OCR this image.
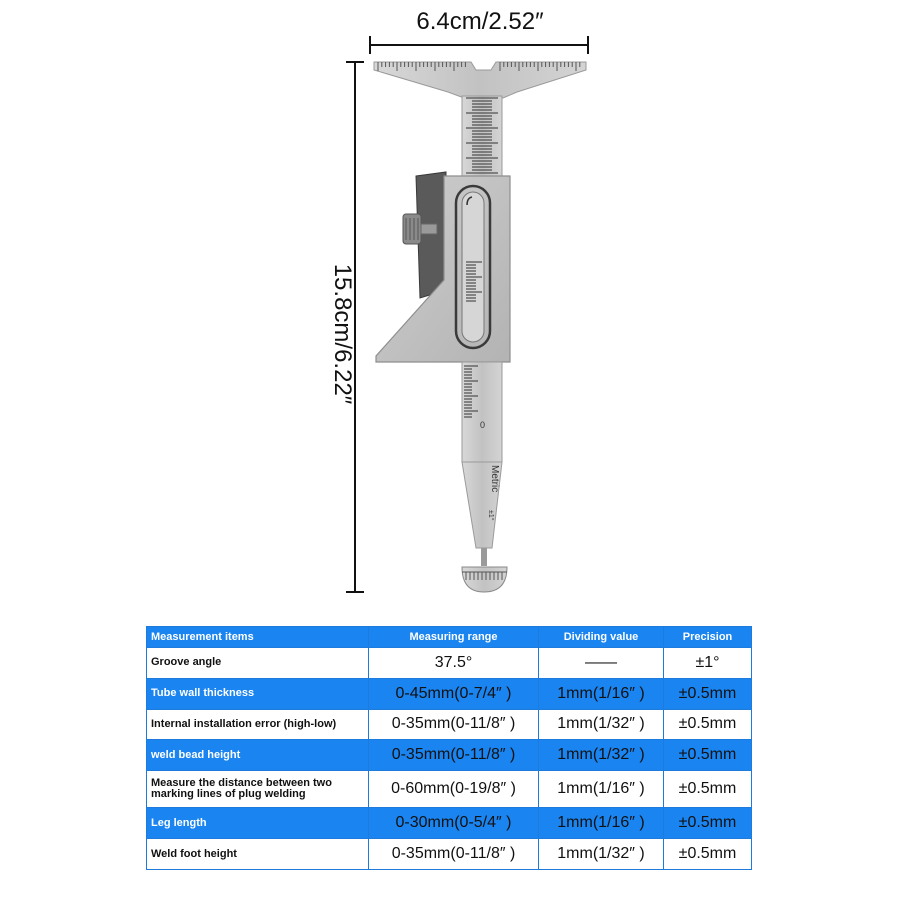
6.4cm/2.52″
15.8cm/6.22″
0
Metric
±1°
Measurement items	Measuring range	Dividing value	Precision
Groove angle	37.5°	——	±1°
Tube wall thickness	0-45mm(0-7/4″ )	1mm(1/16″ )	±0.5mm
Internal installation error (high-low)	0-35mm(0-11/8″ )	1mm(1/32″ )	±0.5mm
weld bead height	0-35mm(0-11/8″ )	1mm(1/32″ )	±0.5mm
Measure the distance between two marking lines of plug welding	0-60mm(0-19/8″ )	1mm(1/16″ )	±0.5mm
Leg length	0-30mm(0-5/4″ )	1mm(1/16″ )	±0.5mm
Weld foot height	0-35mm(0-11/8″ )	1mm(1/32″ )	±0.5mm
